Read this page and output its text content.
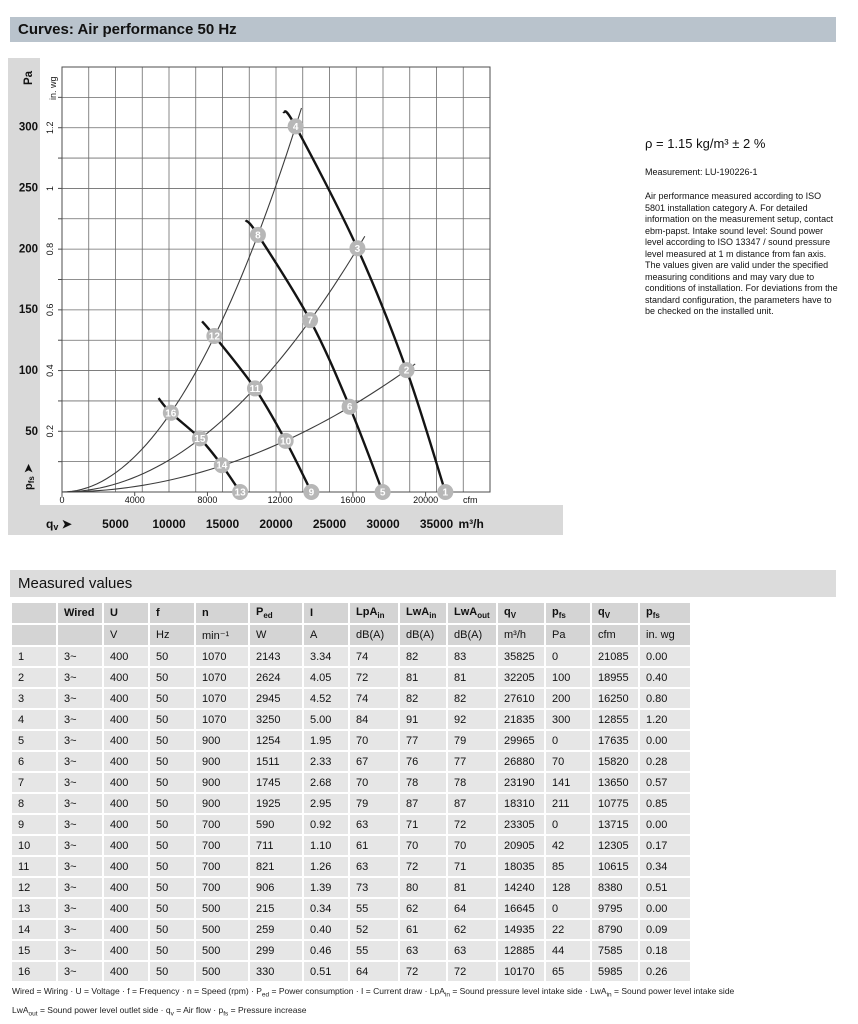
Curves: Air performance 50 Hz
4
3
2
1
8
7
6
5
12
11
10
9
16
15
14
13
0.2
0.4
0.6
0.8
1
1.2
in. wg
50
100
150
200
250
300
Pa
pfs ➤
0	4000	8000	12000	16000	20000	cfm
qv ➤	5000 10000 15000 20000 25000 30000 35000 m³/h

ρ = 1.15 kg/m³ ± 2 %

Measurement: LU-190226-1

Air performance measured according to ISO 5801 installation category A. For detailed information on the measurement setup, contact ebm-papst. Intake sound level: Sound power level according to ISO 13347 / sound pressure level measured at 1 m distance from fan axis. The values given are valid under the specified measuring conditions and may vary due to conditions of installation. For deviations from the standard configuration, the parameters have to be checked on the installed unit.

Measured values
	Wired	U	f	n	$P_{ed}$	I	LpA$_{in}$	LwA$_{in}$	LwA$_{out}$	$q_V$	$p_{fs}$	$q_V$	$p_{fs}$
		V	Hz	min⁻¹	W	A	dB(A)	dB(A)	dB(A)	m³/h	Pa	cfm	in. wg
1	3~	400	50	1070	2143	3.34	74	82	83	35825	0	21085	0.00
2	3~	400	50	1070	2624	4.05	72	81	81	32205	100	18955	0.40
3	3~	400	50	1070	2945	4.52	74	82	82	27610	200	16250	0.80
4	3~	400	50	1070	3250	5.00	84	91	92	21835	300	12855	1.20
5	3~	400	50	900	1254	1.95	70	77	79	29965	0	17635	0.00
6	3~	400	50	900	1511	2.33	67	76	77	26880	70	15820	0.28
7	3~	400	50	900	1745	2.68	70	78	78	23190	141	13650	0.57
8	3~	400	50	900	1925	2.95	79	87	87	18310	211	10775	0.85
9	3~	400	50	700	590	0.92	63	71	72	23305	0	13715	0.00
10	3~	400	50	700	711	1.10	61	70	70	20905	42	12305	0.17
11	3~	400	50	700	821	1.26	63	72	71	18035	85	10615	0.34
12	3~	400	50	700	906	1.39	73	80	81	14240	128	8380	0.51
13	3~	400	50	500	215	0.34	55	62	64	16645	0	9795	0.00
14	3~	400	50	500	259	0.40	52	61	62	14935	22	8790	0.09
15	3~	400	50	500	299	0.46	55	63	63	12885	44	7585	0.18
16	3~	400	50	500	330	0.51	64	72	72	10170	65	5985	0.26
Wired = Wiring · U = Voltage · f = Frequency · n = Speed $(rpm) \cdot P_{ed}$ = Power consumption · I = Current draw · LpA$_{in}$ = Sound pressure level intake side · LwA$_{in}$ = Sound power level intake side
LwA$_{out}$ = Sound power level outlet side · $q_v$ = Air flow · $p_{fs}$ = Pressure increase
